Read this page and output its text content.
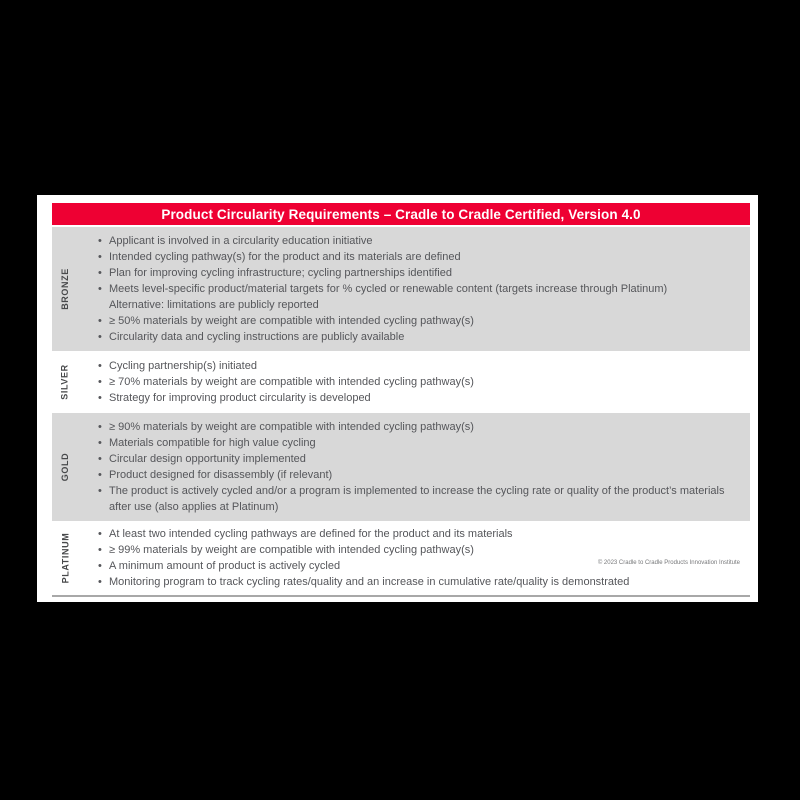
Product Circularity Requirements – Cradle to Cradle Certified, Version 4.0
BRONZE
• Applicant is involved in a circularity education initiative
• Intended cycling pathway(s) for the product and its materials are defined
• Plan for improving cycling infrastructure; cycling partnerships identified
• Meets level-specific product/material targets for % cycled or renewable content (targets increase through Platinum)
Alternative: limitations are publicly reported
• ≥ 50% materials by weight are compatible with intended cycling pathway(s)
• Circularity data and cycling instructions are publicly available
SILVER	• Cycling partnership(s) initiated
• ≥ 70% materials by weight are compatible with intended cycling pathway(s)
• Strategy for improving product circularity is developed
GOLD
• ≥ 90% materials by weight are compatible with intended cycling pathway(s)
• Materials compatible for high value cycling
• Circular design opportunity implemented
• Product designed for disassembly (if relevant)
• The product is actively cycled and/or a program is implemented to increase the cycling rate or quality of the product’s materials after use (also applies at Platinum)
PLATINUM	• At least two intended cycling pathways are defined for the product and its materials
• ≥ 99% materials by weight are compatible with intended cycling pathway(s)
• A minimum amount of product is actively cycled
• Monitoring program to track cycling rates/quality and an increase in cumulative rate/quality is demonstrated
© 2023 Cradle to Cradle Products Innovation Institute
